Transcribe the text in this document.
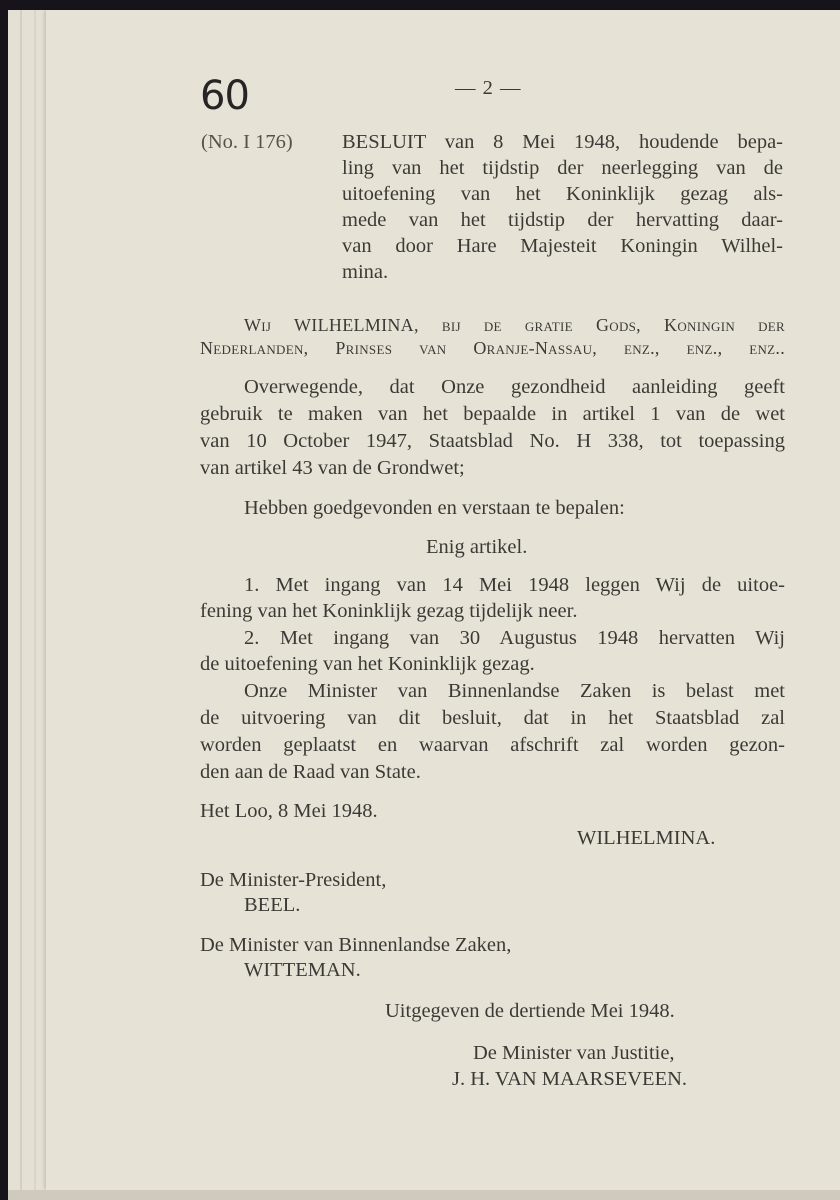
60	— 2 —
(No. I 176) BESLUIT van 8 Mei 1948, houdende bepa-
ling van het tijdstip der neerlegging van de
uitoefening van het Koninklijk gezag als-
mede van het tijdstip der hervatting daar-
van door Hare Majesteit Koningin Wilhel-
mina.
Wij WILHELMINA, bij de gratie Gods, Koningin der
Nederlanden, Prinses van Oranje-Nassau, enz., enz., enz..
Overwegende, dat Onze gezondheid aanleiding geeft
gebruik te maken van het bepaalde in artikel 1 van de wet
van 10 October 1947, Staatsblad No. H 338, tot toepassing
van artikel 43 van de Grondwet;
Hebben goedgevonden en verstaan te bepalen:
Enig artikel.
1. Met ingang van 14 Mei 1948 leggen Wij de uitoe-
fening van het Koninklijk gezag tijdelijk neer.
2. Met ingang van 30 Augustus 1948 hervatten Wij
de uitoefening van het Koninklijk gezag.
Onze Minister van Binnenlandse Zaken is belast met
de uitvoering van dit besluit, dat in het Staatsblad zal
worden geplaatst en waarvan afschrift zal worden gezon-
den aan de Raad van State.
Het Loo, 8 Mei 1948.
WILHELMINA.
De Minister-President,
BEEL.
De Minister van Binnenlandse Zaken,
WITTEMAN.
Uitgegeven de dertiende Mei 1948.
De Minister van Justitie,
J. H. VAN MAARSEVEEN.
